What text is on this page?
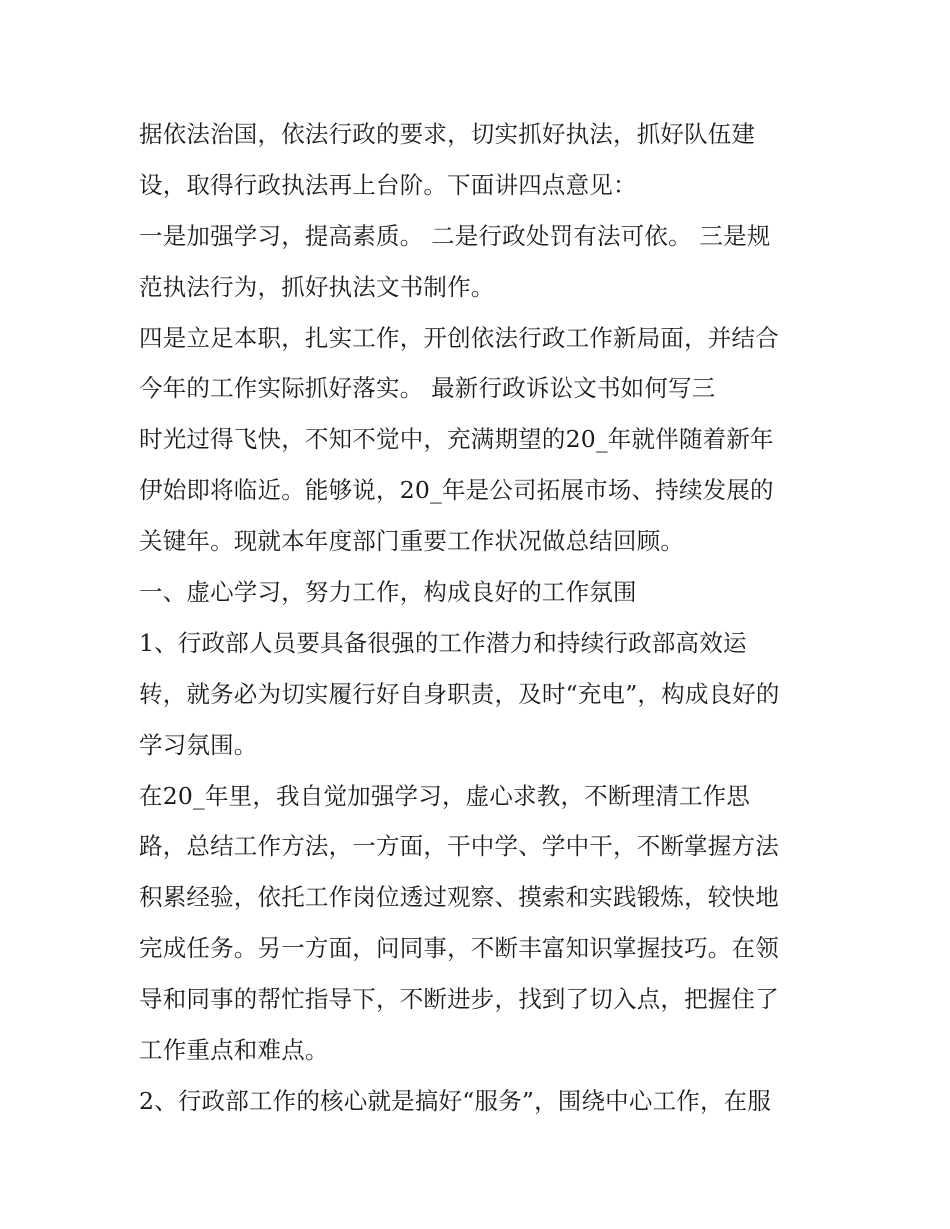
据依法治国，依法行政的要求，切实抓好执法，抓好队伍建
设，取得行政执法再上台阶。下面讲四点意见：
一是加强学习，提高素质。 二是行政处罚有法可依。 三是规
范执法行为，抓好执法文书制作。
四是立足本职，扎实工作，开创依法行政工作新局面，并结合
今年的工作实际抓好落实。 最新行政诉讼文书如何写三
时光过得飞快，不知不觉中，充满期望的20_年就伴随着新年
伊始即将临近。能够说，20_年是公司拓展市场、持续发展的
关键年。现就本年度部门重要工作状况做总结回顾。
一、虚心学习，努力工作，构成良好的工作氛围
1、行政部人员要具备很强的工作潜力和持续行政部高效运
转，就务必为切实履行好自身职责，及时“充电”，构成良好的
学习氛围。
在20_年里，我自觉加强学习，虚心求教，不断理清工作思
路，总结工作方法，一方面，干中学、学中干，不断掌握方法
积累经验，依托工作岗位透过观察、摸索和实践锻炼，较快地
完成任务。另一方面，问同事，不断丰富知识掌握技巧。在领
导和同事的帮忙指导下，不断进步，找到了切入点，把握住了
工作重点和难点。
2、行政部工作的核心就是搞好“服务”，围绕中心工作，在服
